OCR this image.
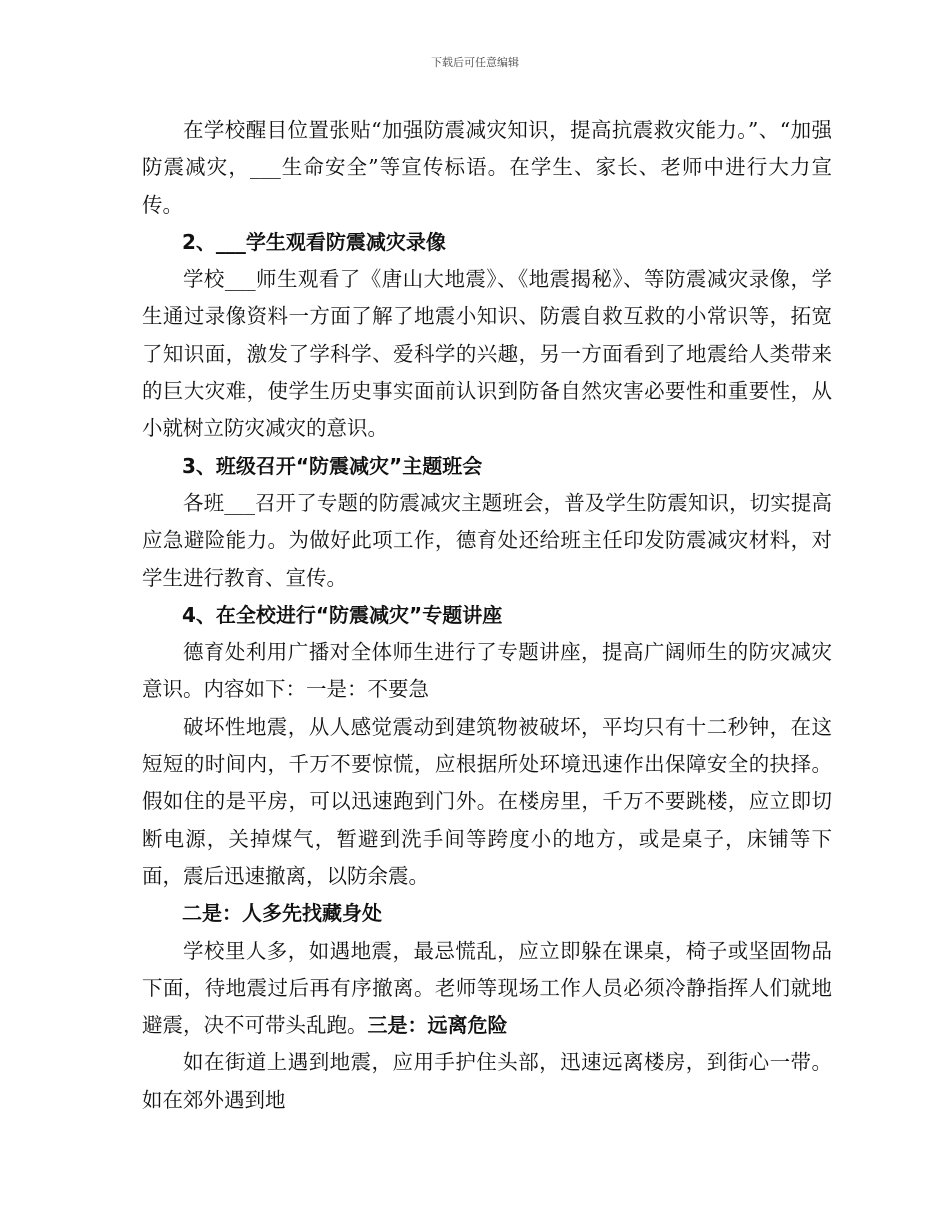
下载后可任意编辑

在学校醒目位置张贴“加强防震减灾知识，提高抗震救灾能力。”、“加强防震减灾，___生命安全”等宣传标语。在学生、家长、老师中进行大力宣传。

2、___学生观看防震减灾录像

学校___师生观看了《唐山大地震》、《地震揭秘》、等防震减灾录像，学生通过录像资料一方面了解了地震小知识、防震自救互救的小常识等，拓宽了知识面，激发了学科学、爱科学的兴趣，另一方面看到了地震给人类带来的巨大灾难，使学生历史事实面前认识到防备自然灾害必要性和重要性，从小就树立防灾减灾的意识。

3、班级召开“防震减灾”主题班会

各班___召开了专题的防震减灾主题班会，普及学生防震知识，切实提高应急避险能力。为做好此项工作，德育处还给班主任印发防震减灾材料，对学生进行教育、宣传。

4、在全校进行“防震减灾”专题讲座

德育处利用广播对全体师生进行了专题讲座，提高广阔师生的防灾减灾意识。内容如下：一是：不要急

破坏性地震，从人感觉震动到建筑物被破坏，平均只有十二秒钟，在这短短的时间内，千万不要惊慌，应根据所处环境迅速作出保障安全的抉择。假如住的是平房，可以迅速跑到门外。在楼房里，千万不要跳楼，应立即切断电源，关掉煤气，暂避到洗手间等跨度小的地方，或是桌子，床铺等下面，震后迅速撤离，以防余震。

二是：人多先找藏身处

学校里人多，如遇地震，最忌慌乱，应立即躲在课桌，椅子或坚固物品下面，待地震过后再有序撤离。老师等现场工作人员必须冷静指挥人们就地避震，决不可带头乱跑。三是：远离危险

如在街道上遇到地震，应用手护住头部，迅速远离楼房，到街心一带。如在郊外遇到地
